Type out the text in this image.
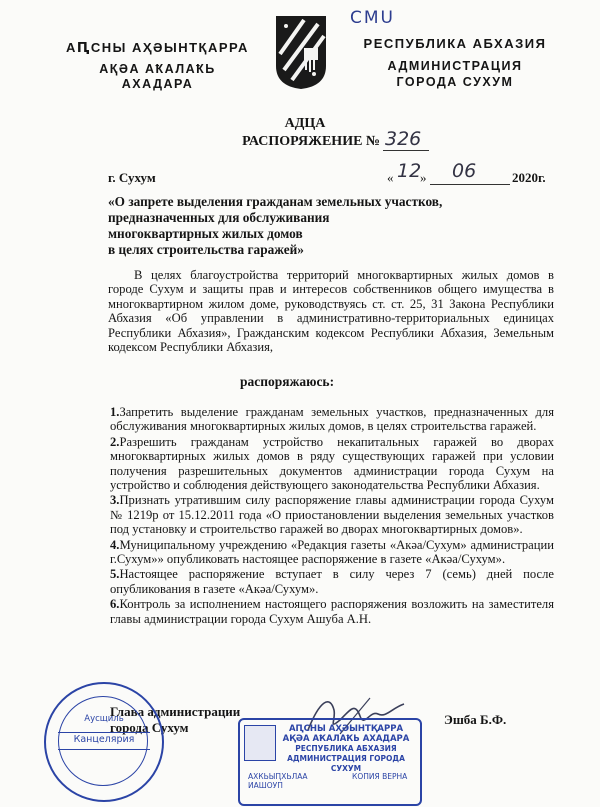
АԤСНЫ АҲӘЫНТҚАРРА
АҚӘА АҞАЛАҞЬ
АХАДАРА
СМU
РЕСПУБЛИКА АБХАЗИЯ
АДМИНИСТРАЦИЯ
ГОРОДА СУХУМ
АДЦА
РАСПОРЯЖЕНИЕ № 326
г. Сухум	« 12
» 06	2020г.
«О запрете выделения гражданам земельных участков,
предназначенных для обслуживания
многоквартирных жилых домов
в целях строительства гаражей»
В целях благоустройства территорий многоквартирных жилых домов в городе Сухум и защиты прав и интересов собственников общего имущества в многоквартирном жилом доме, руководствуясь ст. ст. 25, 31 Закона Республики Абхазия «Об управлении в административно-территориальных единицах Республики Абхазия», Гражданским кодексом Республики Абхазия, Земельным кодексом Республики Абхазия,
распоряжаюсь:
1.Запретить выделение гражданам земельных участков, предназначенных для обслуживания многоквартирных жилых домов, в целях строительства гаражей.
2.Разрешить гражданам устройство некапитальных гаражей во дворах многоквартирных жилых домов в ряду существующих гаражей при условии получения разрешительных документов администрации города Сухум на устройство и соблюдения действующего законодательства Республики Абхазия.
3.Признать утратившим силу распоряжение главы администрации города Сухум № 1219р от 15.12.2011 года «О приостановлении выделения земельных участков под установку и строительство гаражей во дворах многоквартирных домов».
4.Муниципальному учреждению «Редакция газеты «Акәа/Сухум» администрации г.Сухум»» опубликовать настоящее распоряжение в газете «Акәа/Сухум».
5.Настоящее распоряжение вступает в силу через 7 (семь) дней после опубликования в газете «Акәа/Сухум».
6.Контроль за исполнением настоящего распоряжения возложить на заместителя главы администрации города Сухум Ашуба А.Н.
Глава администрации
города Сухум
Эшба Б.Ф.
Аусщиль
Канцелярия
АԤСНЫ АҲӘЫНТҚАРРА
АҚӘА АҞАЛАҞЬ АХАДАРА
РЕСПУБЛИКА АБХАЗИЯ
АДМИНИСТРАЦИЯ ГОРОДА СУХУМ
АХКЬЫԤХЬЛАА
ИАШОУП
КОПИЯ ВЕРНА
